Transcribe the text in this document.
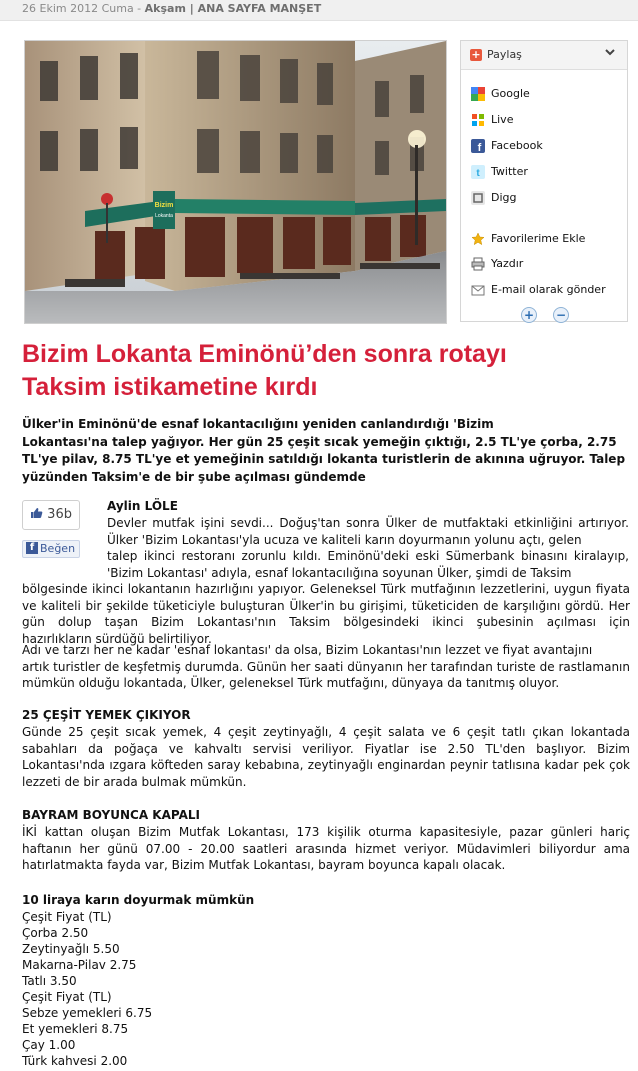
26 Ekim 2012 Cuma - Akşam | ANA SAYFA MANŞET
Bizim
Lokanta
+ Paylaş
Google
Live
f Facebook
t Twitter
Digg
Favorilerime Ekle
Yazdır
E-mail olarak gönder
+ −
Bizim Lokanta Eminönü’den sonra rotayı
Taksim istikametine kırdı

Ülker'in Eminönü'de esnaf lokantacılığını yeniden canlandırdığı 'Bizim
Lokantası'na talep yağıyor. Her gün 25 çeşit sıcak yemeğin çıktığı, 2.5 TL'ye çorba, 2.75
TL'ye pilav, 8.75 TL'ye et yemeğinin satıldığı lokanta turistlerin de akınına uğruyor. Talep
yüzünden Taksim'e de bir şube açılması gündemde

36b
f Beğen
Aylin LÖLE
Devler mutfak işini sevdi... Doğuş'tan sonra Ülker de mutfaktaki etkinliğini artırıyor.
Ülker 'Bizim Lokantası'yla ucuza ve kaliteli karın doyurmanın yolunu açtı, gelen
talep ikinci restoranı zorunlu kıldı. Eminönü'deki eski Sümerbank binasını kiralayıp,
'Bizim Lokantası' adıyla, esnaf lokantacılığına soyunan Ülker, şimdi de Taksim
bölgesinde ikinci lokantanın hazırlığını yapıyor. Geleneksel Türk mutfağının lezzetlerini, uygun fiyata
ve kaliteli bir şekilde tüketiciyle buluşturan Ülker'in bu girişimi, tüketiciden de karşılığını gördü. Her
gün dolup taşan Bizim Lokantası'nın Taksim bölgesindeki ikinci şubesinin açılması için
hazırlıkların sürdüğü belirtiliyor.
Adı ve tarzı her ne kadar 'esnaf lokantası' da olsa, Bizim Lokantası'nın lezzet ve fiyat avantajını
artık turistler de keşfetmiş durumda. Günün her saati dünyanın her tarafından turiste de rastlamanın
mümkün olduğu lokantada, Ülker, geleneksel Türk mutfağını, dünyaya da tanıtmış oluyor.
25 ÇEŞİT YEMEK ÇIKIYOR
Günde 25 çeşit sıcak yemek, 4 çeşit zeytinyağlı, 4 çeşit salata ve 6 çeşit tatlı çıkan lokantada
sabahları da poğaça ve kahvaltı servisi veriliyor. Fiyatlar ise 2.50 TL'den başlıyor. Bizim
Lokantası'nda ızgara köfteden saray kebabına, zeytinyağlı enginardan peynir tatlısına kadar pek çok
lezzeti de bir arada bulmak mümkün.
BAYRAM BOYUNCA KAPALI
İKİ kattan oluşan Bizim Mutfak Lokantası, 173 kişilik oturma kapasitesiyle, pazar günleri hariç
haftanın her günü 07.00 - 20.00 saatleri arasında hizmet veriyor. Müdavimleri biliyordur ama
hatırlatmakta fayda var, Bizim Mutfak Lokantası, bayram boyunca kapalı olacak.
10 liraya karın doyurmak mümkün
Çeşit Fiyat (TL)
Çorba 2.50
Zeytinyağlı 5.50
Makarna-Pilav 2.75
Tatlı 3.50
Çeşit Fiyat (TL)
Sebze yemekleri 6.75
Et yemekleri 8.75
Çay 1.00
Türk kahvesi 2.00
